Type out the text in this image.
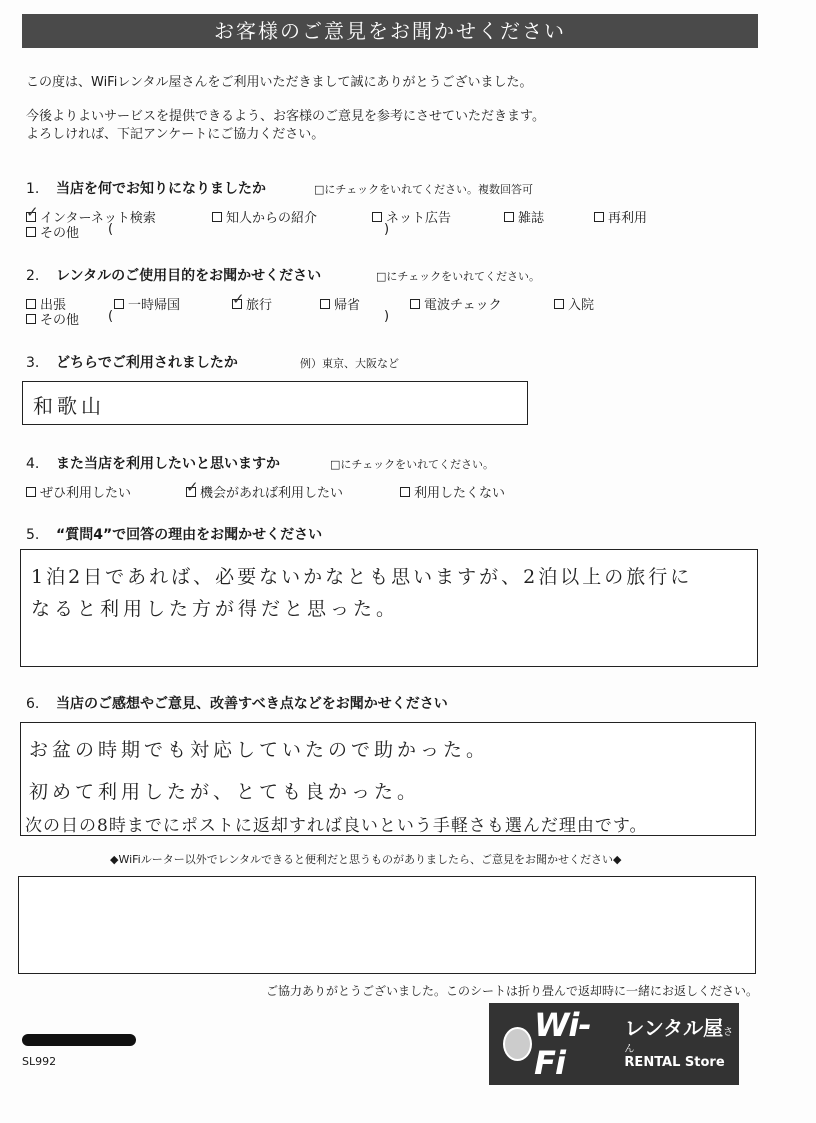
お客様のご意見をお聞かせください
この度は、WiFiレンタル屋さんをご利用いただきまして誠にありがとうございました。
今後よりよいサービスを提供できるよう、お客様のご意見を参考にさせていただきます。
よろしければ、下記アンケートにご協力ください。
1. 当店を何でお知りになりましたか	□にチェックをいれてください。複数回答可
✓ インターネット検索	知人からの紹介	ネット広告	雑誌	再利用
その他 (	)
2. レンタルのご使用目的をお聞かせください	□にチェックをいれてください。
出張	一時帰国	✓ 旅行	帰省	電波チェック	入院
その他 (	)
3. どちらでご利用されましたか	例）東京、大阪など
和歌山
4. また当店を利用したいと思いますか	□にチェックをいれてください。
ぜひ利用したい	✓ 機会があれば利用したい	利用したくない
5. “質問4”で回答の理由をお聞かせください
1泊2日であれば、必要ないかなとも思いますが、2泊以上の旅行に
なると利用した方が得だと思った。
6. 当店のご感想やご意見、改善すべき点などをお聞かせください
お盆の時期でも対応していたので助かった。
初めて利用したが、とても良かった。
次の日の8時までにポストに返却すれば良いという手軽さも選んだ理由です。
◆WiFiルーター以外でレンタルできると便利だと思うものがありましたら、ご意見をお聞かせください◆
ご協力ありがとうございました。このシートは折り畳んで返却時に一緒にお返しください。
SL992
Wi-Fi
レンタル屋さん
RENTAL Store
